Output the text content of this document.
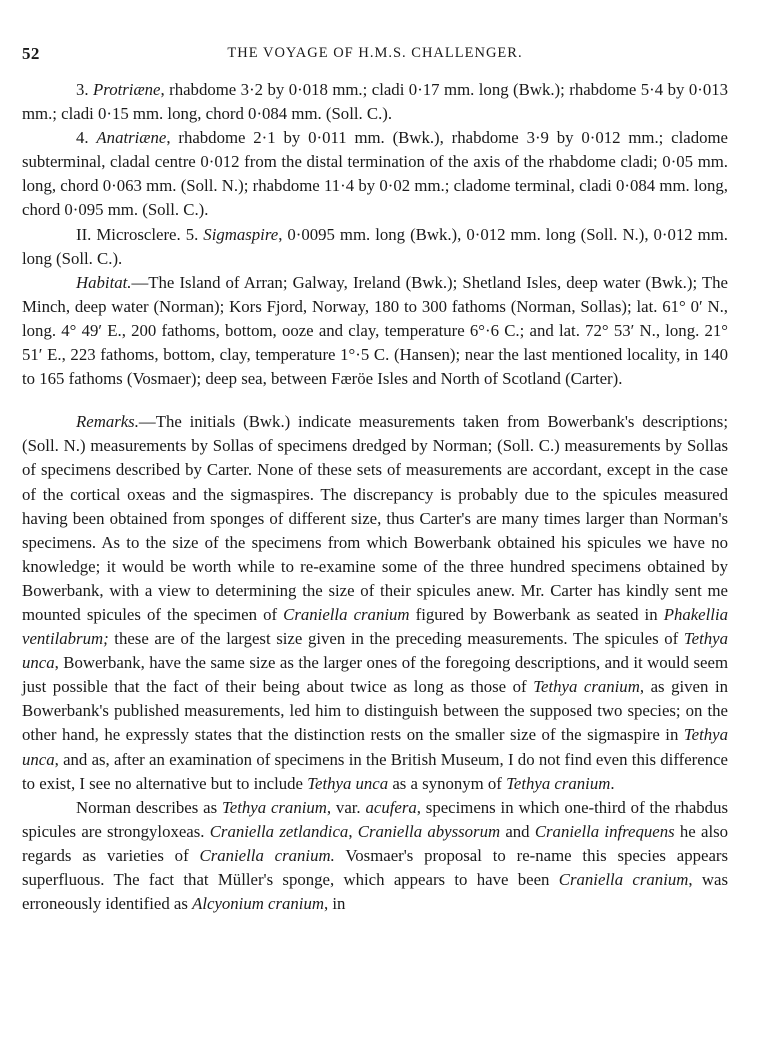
52	THE VOYAGE OF H.M.S. CHALLENGER.

3. Protriæne, rhabdome 3·2 by 0·018 mm.; cladi 0·17 mm. long (Bwk.); rhabdome 5·4 by 0·013 mm.; cladi 0·15 mm. long, chord 0·084 mm. (Soll. C.).

4. Anatriæne, rhabdome 2·1 by 0·011 mm. (Bwk.), rhabdome 3·9 by 0·012 mm.; cladome subterminal, cladal centre 0·012 from the distal termination of the axis of the rhabdome cladi; 0·05 mm. long, chord 0·063 mm. (Soll. N.); rhabdome 11·4 by 0·02 mm.; cladome terminal, cladi 0·084 mm. long, chord 0·095 mm. (Soll. C.).

II. Microsclere. 5. Sigmaspire, 0·0095 mm. long (Bwk.), 0·012 mm. long (Soll. N.), 0·012 mm. long (Soll. C.).

Habitat.—The Island of Arran; Galway, Ireland (Bwk.); Shetland Isles, deep water (Bwk.); The Minch, deep water (Norman); Kors Fjord, Norway, 180 to 300 fathoms (Norman, Sollas); lat. 61° 0′ N., long. 4° 49′ E., 200 fathoms, bottom, ooze and clay, temperature 6°·6 C.; and lat. 72° 53′ N., long. 21° 51′ E., 223 fathoms, bottom, clay, temperature 1°·5 C. (Hansen); near the last mentioned locality, in 140 to 165 fathoms (Vosmaer); deep sea, between Færöe Isles and North of Scotland (Carter).

Remarks.—The initials (Bwk.) indicate measurements taken from Bowerbank's descriptions; (Soll. N.) measurements by Sollas of specimens dredged by Norman; (Soll. C.) measurements by Sollas of specimens described by Carter. None of these sets of measurements are accordant, except in the case of the cortical oxeas and the sigmaspires. The discrepancy is probably due to the spicules measured having been obtained from sponges of different size, thus Carter's are many times larger than Norman's specimens. As to the size of the specimens from which Bowerbank obtained his spicules we have no knowledge; it would be worth while to re-examine some of the three hundred specimens obtained by Bowerbank, with a view to determining the size of their spicules anew. Mr. Carter has kindly sent me mounted spicules of the specimen of Craniella cranium figured by Bowerbank as seated in Phakellia ventilabrum; these are of the largest size given in the preceding measurements. The spicules of Tethya unca, Bowerbank, have the same size as the larger ones of the foregoing descriptions, and it would seem just possible that the fact of their being about twice as long as those of Tethya cranium, as given in Bowerbank's published measurements, led him to distinguish between the supposed two species; on the other hand, he expressly states that the distinction rests on the smaller size of the sigmaspire in Tethya unca, and as, after an examination of specimens in the British Museum, I do not find even this difference to exist, I see no alternative but to include Tethya unca as a synonym of Tethya cranium.

Norman describes as Tethya cranium, var. acufera, specimens in which one-third of the rhabdus spicules are strongyloxeas. Craniella zetlandica, Craniella abyssorum and Craniella infrequens he also regards as varieties of Craniella cranium. Vosmaer's proposal to re-name this species appears superfluous. The fact that Müller's sponge, which appears to have been Craniella cranium, was erroneously identified as Alcyonium cranium, in
